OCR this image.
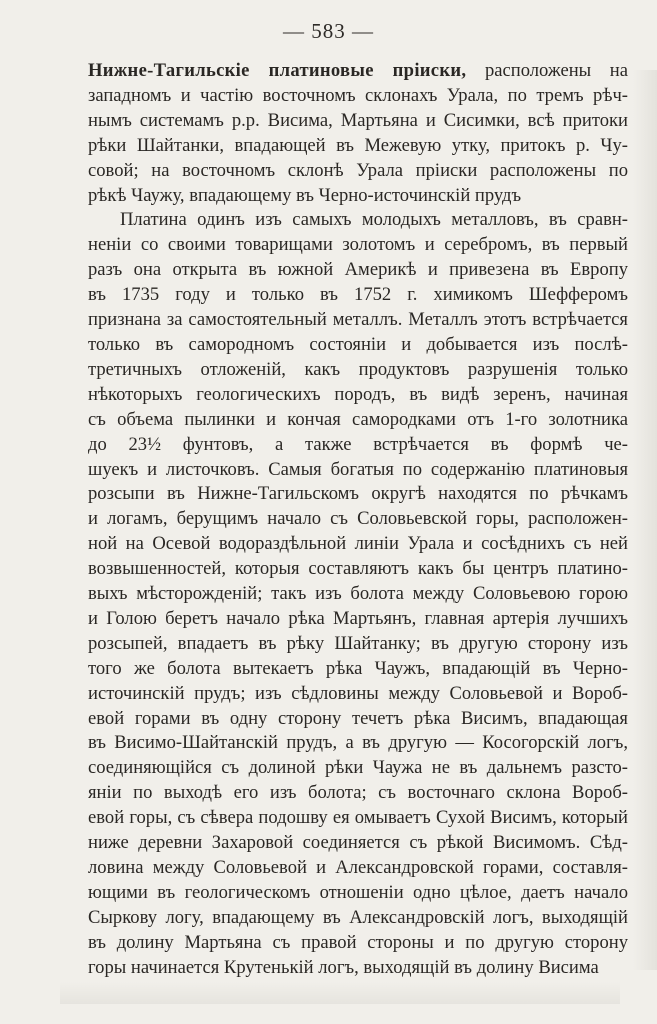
— 583 —
Нижне-Тагильскіе платиновые пріиски, расположены на
западномъ и частію восточномъ склонахъ Урала, по тремъ рѣч-
нымъ системамъ р.р. Висима, Мартьяна и Сисимки, всѣ притоки
рѣки Шайтанки, впадающей въ Межевую утку, притокъ р. Чу-
совой; на восточномъ склонѣ Урала пріиски расположены по
рѣкѣ Чаужу, впадающему въ Черно-источинскій прудъ
Платина одинъ изъ самыхъ молодыхъ металловъ, въ сравн-
неніи со своими товарищами золотомъ и серебромъ, въ первый
разъ она открыта въ южной Америкѣ и привезена въ Европу
въ 1735 году и только въ 1752 г. химикомъ Шефферомъ
признана за самостоятельный металлъ. Металлъ этотъ встрѣчается
только въ самородномъ состояніи и добывается изъ послѣ-
третичныхъ отложеній, какъ продуктовъ разрушенія только
нѣкоторыхъ геологическихъ породъ, въ видѣ зеренъ, начиная
съ объема пылинки и кончая самородками отъ 1-го золотника
до 23½ фунтовъ, а также встрѣчается въ формѣ че-
шуекъ и листочковъ. Самыя богатыя по содержанію платиновыя
розсыпи въ Нижне-Тагильскомъ округѣ находятся по рѣчкамъ
и логамъ, берущимъ начало съ Соловьевской горы, расположен-
ной на Осевой водораздѣльной линіи Урала и сосѣднихъ съ ней
возвышенностей, которыя составляютъ какъ бы центръ платино-
выхъ мѣсторожденій; такъ изъ болота между Соловьевою горою
и Голою беретъ начало рѣка Мартьянъ, главная артерія лучшихъ
розсыпей, впадаетъ въ рѣку Шайтанку; въ другую сторону изъ
того же болота вытекаетъ рѣка Чаужъ, впадающій въ Черно-
источинскій прудъ; изъ сѣдловины между Соловьевой и Вороб-
евой горами въ одну сторону течетъ рѣка Висимъ, впадающая
въ Висимо-Шайтанскій прудъ, а въ другую — Косогорскій логъ,
соединяющійся съ долиной рѣки Чаужа не въ дальнемъ разсто-
яніи по выходѣ его изъ болота; съ восточнаго склона Вороб-
евой горы, съ сѣвера подошву ея омываетъ Сухой Висимъ, который
ниже деревни Захаровой соединяется съ рѣкой Висимомъ. Сѣд-
ловина между Соловьевой и Александровской горами, составля-
ющими въ геологическомъ отношеніи одно цѣлое, даетъ начало
Сыркову логу, впадающему въ Александровскій логъ, выходящій
въ долину Мартьяна съ правой стороны и по другую сторону
горы начинается Крутенькій логъ, выходящій въ долину Висима
